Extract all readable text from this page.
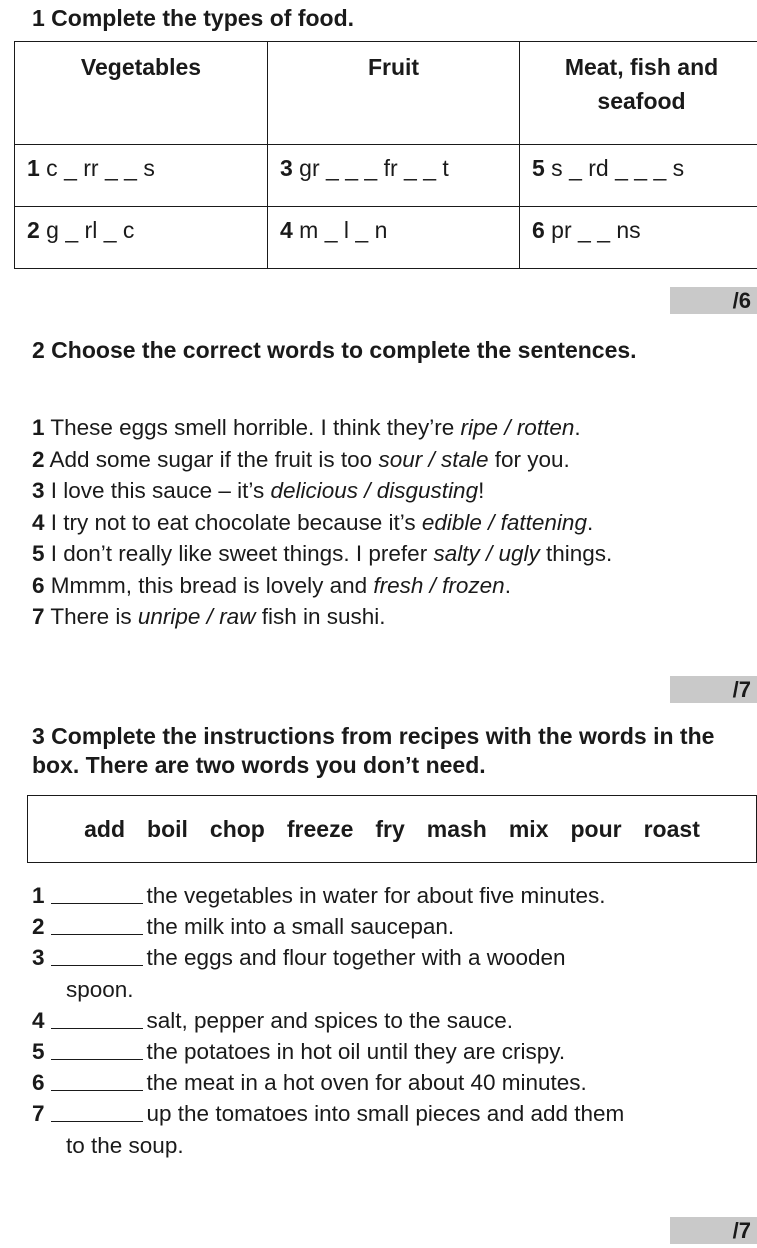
1 Complete the types of food.
Vegetables	Fruit	Meat, fish and seafood
1 c _ rr _ _ s	3 gr _ _ _ fr _ _ t	5 s _ rd _ _ _ s
2 g _ rl _ c	4 m _ l _ n	6 pr _ _ ns
/6
2 Choose the correct words to complete the sentences.
1 These eggs smell horrible. I think they’re ripe / rotten.
2 Add some sugar if the fruit is too sour / stale for you.
3 I love this sauce – it’s delicious / disgusting!
4 I try not to eat chocolate because it’s edible / fattening.
5 I don’t really like sweet things. I prefer salty / ugly things.
6 Mmmm, this bread is lovely and fresh / frozen.
7 There is unripe / raw fish in sushi.
/7
3 Complete the instructions from recipes with the words in the box. There are two words you don’t need.
add boil chop freeze fry mash mix pour roast
1	the vegetables in water for about five minutes.
2	the milk into a small saucepan.
3	the eggs and flour together with a wooden
spoon.
4	salt, pepper and spices to the sauce.
5	the potatoes in hot oil until they are crispy.
6	the meat in a hot oven for about 40 minutes.
7	up the tomatoes into small pieces and add them
to the soup.
/7
